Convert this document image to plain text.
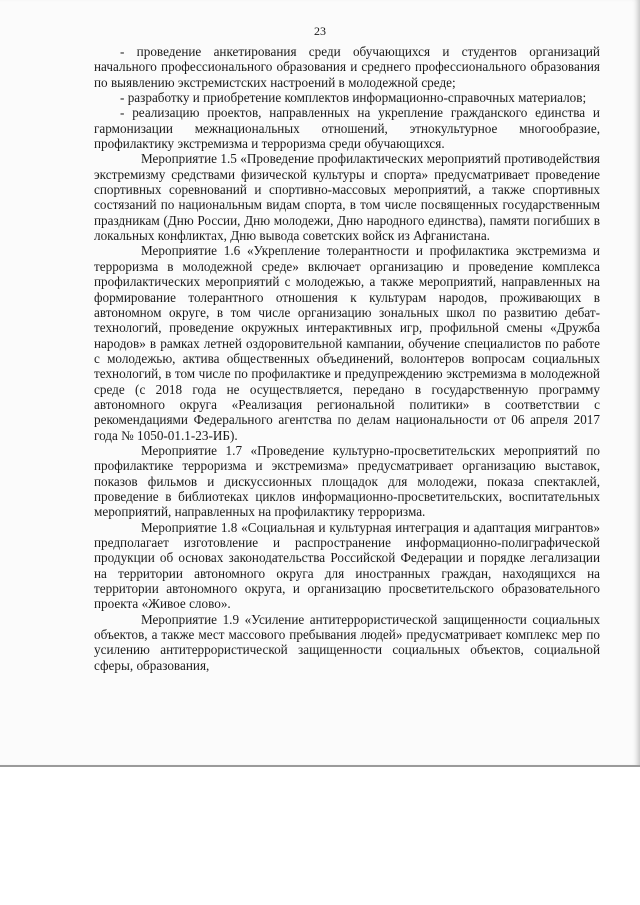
23

- проведение анкетирования среди обучающихся и студентов организаций начального профессионального образования и среднего профессионального образования по выявлению экстремистских настроений в молодежной среде;

- разработку и приобретение комплектов информационно-справочных материалов;

- реализацию проектов, направленных на укрепление гражданского единства и гармонизации межнациональных отношений, этнокультурное многообразие, профилактику экстремизма и терроризма среди обучающихся.

Мероприятие 1.5 «Проведение профилактических мероприятий противодействия экстремизму средствами физической культуры и спорта» предусматривает проведение спортивных соревнований и спортивно-массовых мероприятий, а также спортивных состязаний по национальным видам спорта, в том числе посвященных государственным праздникам (Дню России, Дню молодежи, Дню народного единства), памяти погибших в локальных конфликтах, Дню вывода советских войск из Афганистана.

Мероприятие 1.6 «Укрепление толерантности и профилактика экстремизма и терроризма в молодежной среде» включает организацию и проведение комплекса профилактических мероприятий с молодежью, а также мероприятий, направленных на формирование толерантного отношения к культурам народов, проживающих в автономном округе, в том числе организацию зональных школ по развитию дебат-технологий, проведение окружных интерактивных игр, профильной смены «Дружба народов» в рамках летней оздоровительной кампании, обучение специалистов по работе с молодежью, актива общественных объединений, волонтеров вопросам социальных технологий, в том числе по профилактике и предупреждению экстремизма в молодежной среде (с 2018 года не осуществляется, передано в государственную программу автономного округа «Реализация региональной политики» в соответствии с рекомендациями Федерального агентства по делам национальности от 06 апреля 2017 года № 1050-01.1-23-ИБ).

Мероприятие 1.7 «Проведение культурно-просветительских мероприятий по профилактике терроризма и экстремизма» предусматривает организацию выставок, показов фильмов и дискуссионных площадок для молодежи, показа спектаклей, проведение в библиотеках циклов информационно-просветительских, воспитательных мероприятий, направленных на профилактику терроризма.

Мероприятие 1.8 «Социальная и культурная интеграция и адаптация мигрантов» предполагает изготовление и распространение информационно-полиграфической продукции об основах законодательства Российской Федерации и порядке легализации на территории автономного округа для иностранных граждан, находящихся на территории автономного округа, и организацию просветительского образовательного проекта «Живое слово».

Мероприятие 1.9 «Усиление антитеррористической защищенности социальных объектов, а также мест массового пребывания людей» предусматривает комплекс мер по усилению антитеррористической защищенности социальных объектов, социальной сферы, образования,
